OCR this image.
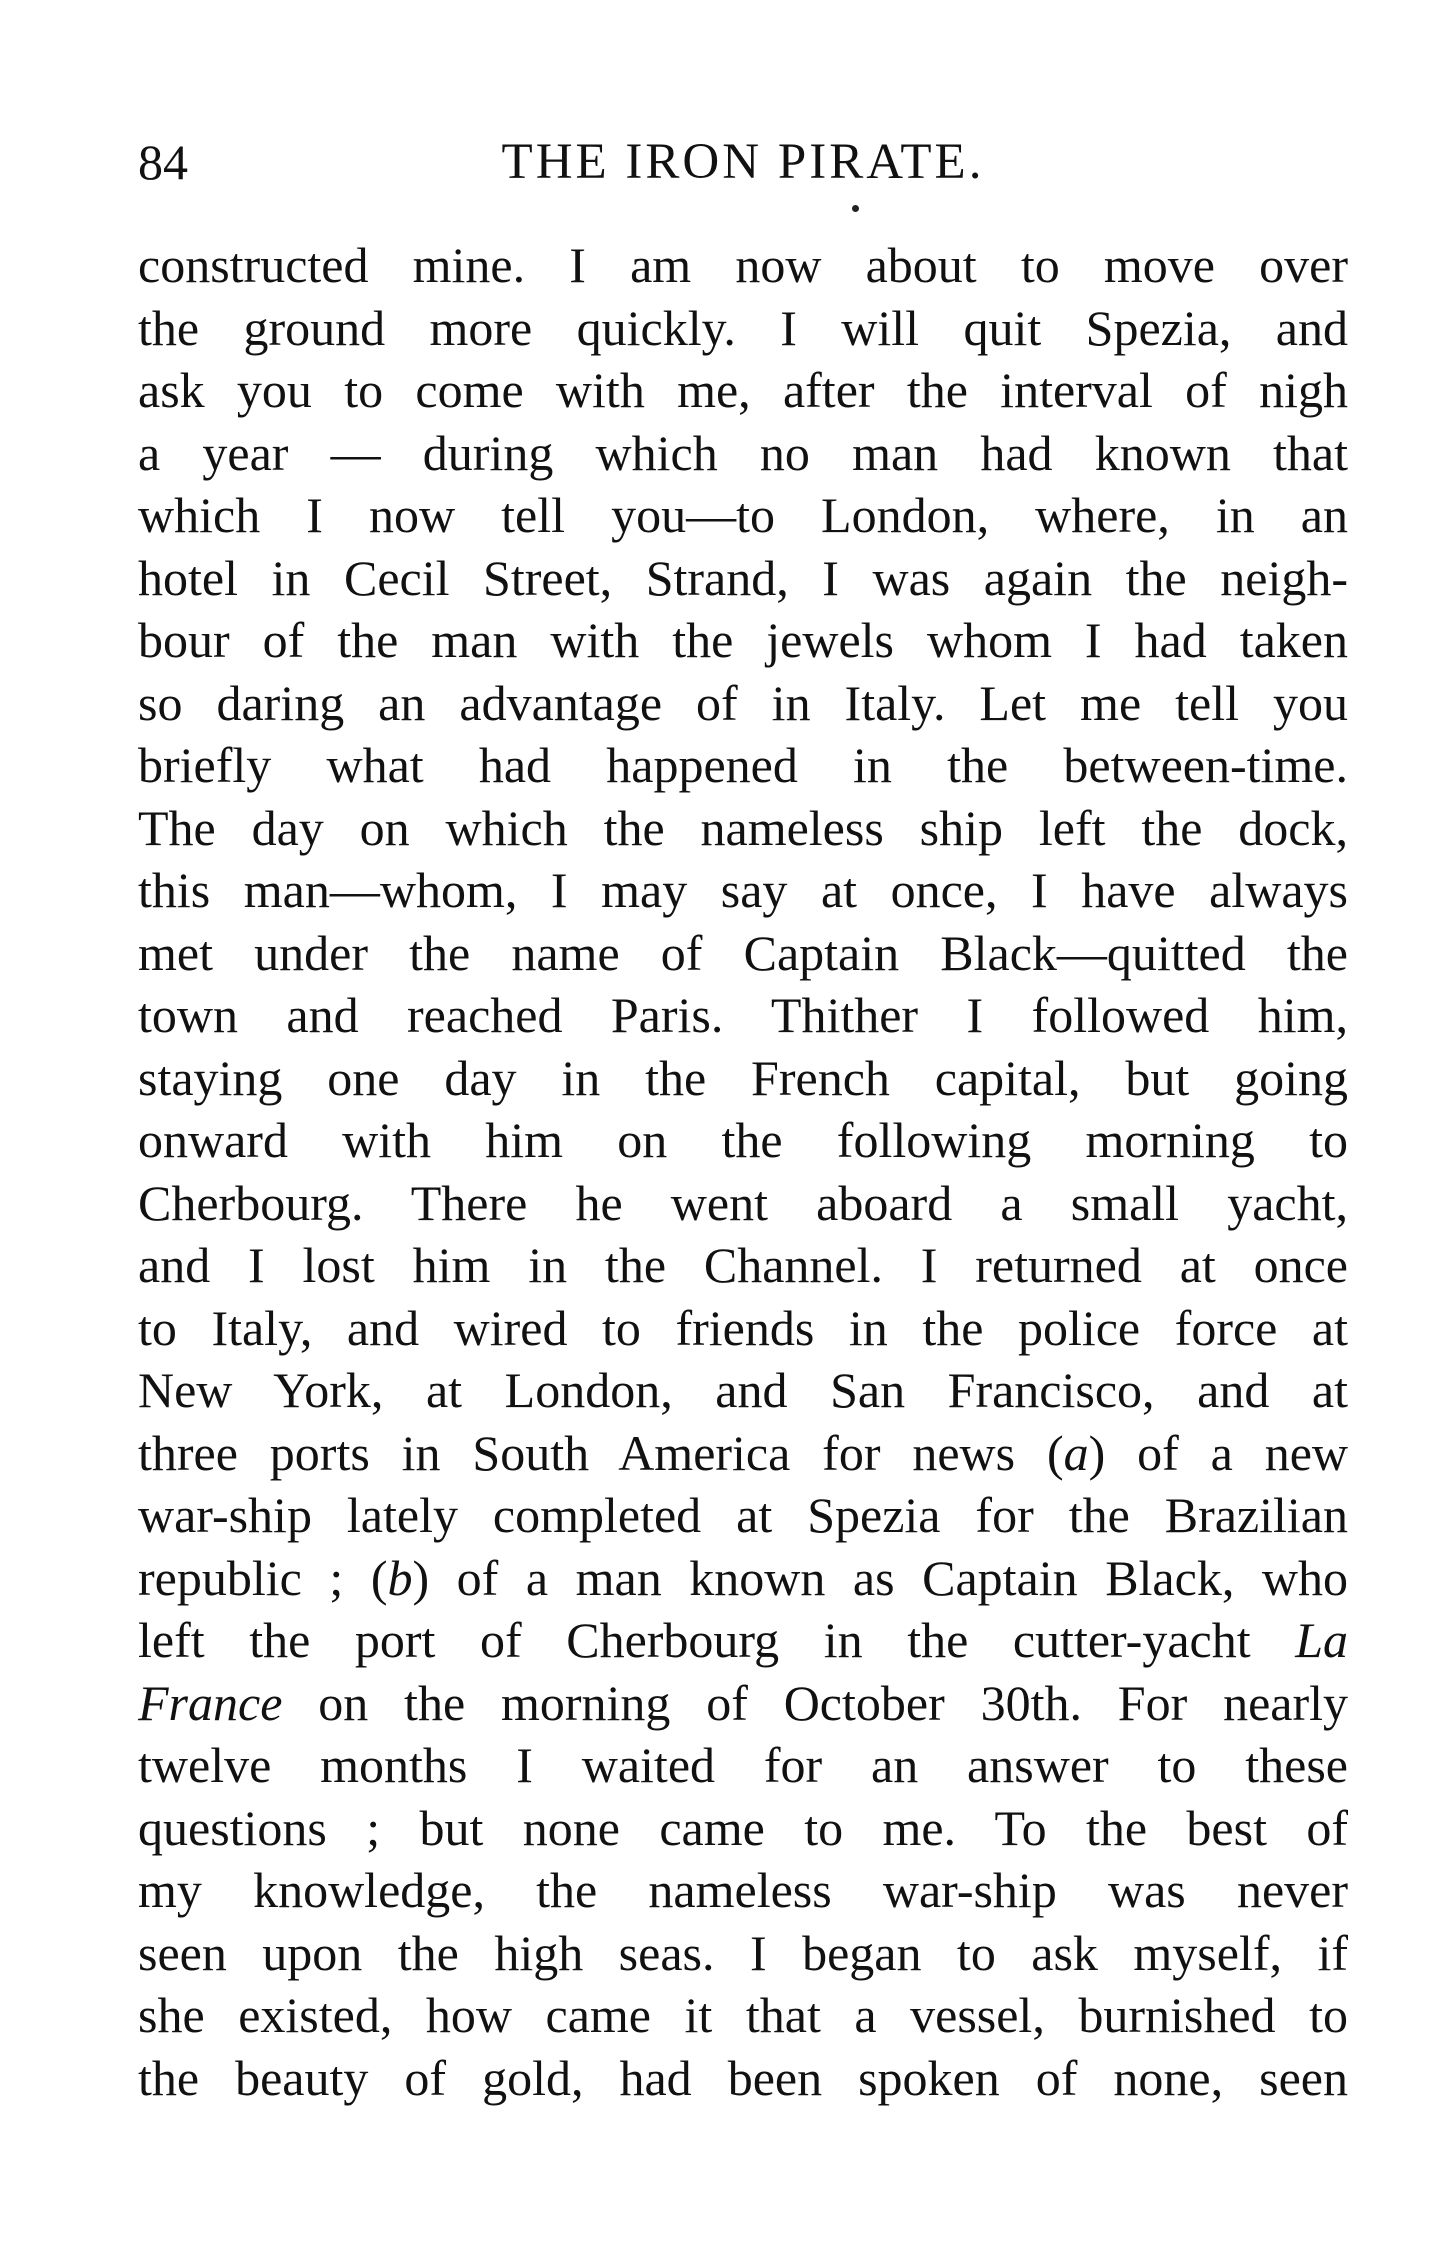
84	THE IRON PIRATE.
constructed mine. I am now about to move over
the ground more quickly. I will quit Spezia, and
ask you to come with me, after the interval of nigh
a year — during which no man had known that
which I now tell you—to London, where, in an
hotel in Cecil Street, Strand, I was again the neigh-
bour of the man with the jewels whom I had taken
so daring an advantage of in Italy. Let me tell you
briefly what had happened in the between-time.
The day on which the nameless ship left the dock,
this man—whom, I may say at once, I have always
met under the name of Captain Black—quitted the
town and reached Paris. Thither I followed him,
staying one day in the French capital, but going
onward with him on the following morning to
Cherbourg. There he went aboard a small yacht,
and I lost him in the Channel. I returned at once
to Italy, and wired to friends in the police force at
New York, at London, and San Francisco, and at
three ports in South America for news (a) of a new
war-ship lately completed at Spezia for the Brazilian
republic ; (b) of a man known as Captain Black, who
left the port of Cherbourg in the cutter-yacht La
France on the morning of October 30th. For nearly
twelve months I waited for an answer to these
questions ; but none came to me. To the best of
my knowledge, the nameless war-ship was never
seen upon the high seas. I began to ask myself, if
she existed, how came it that a vessel, burnished to
the beauty of gold, had been spoken of none, seen
